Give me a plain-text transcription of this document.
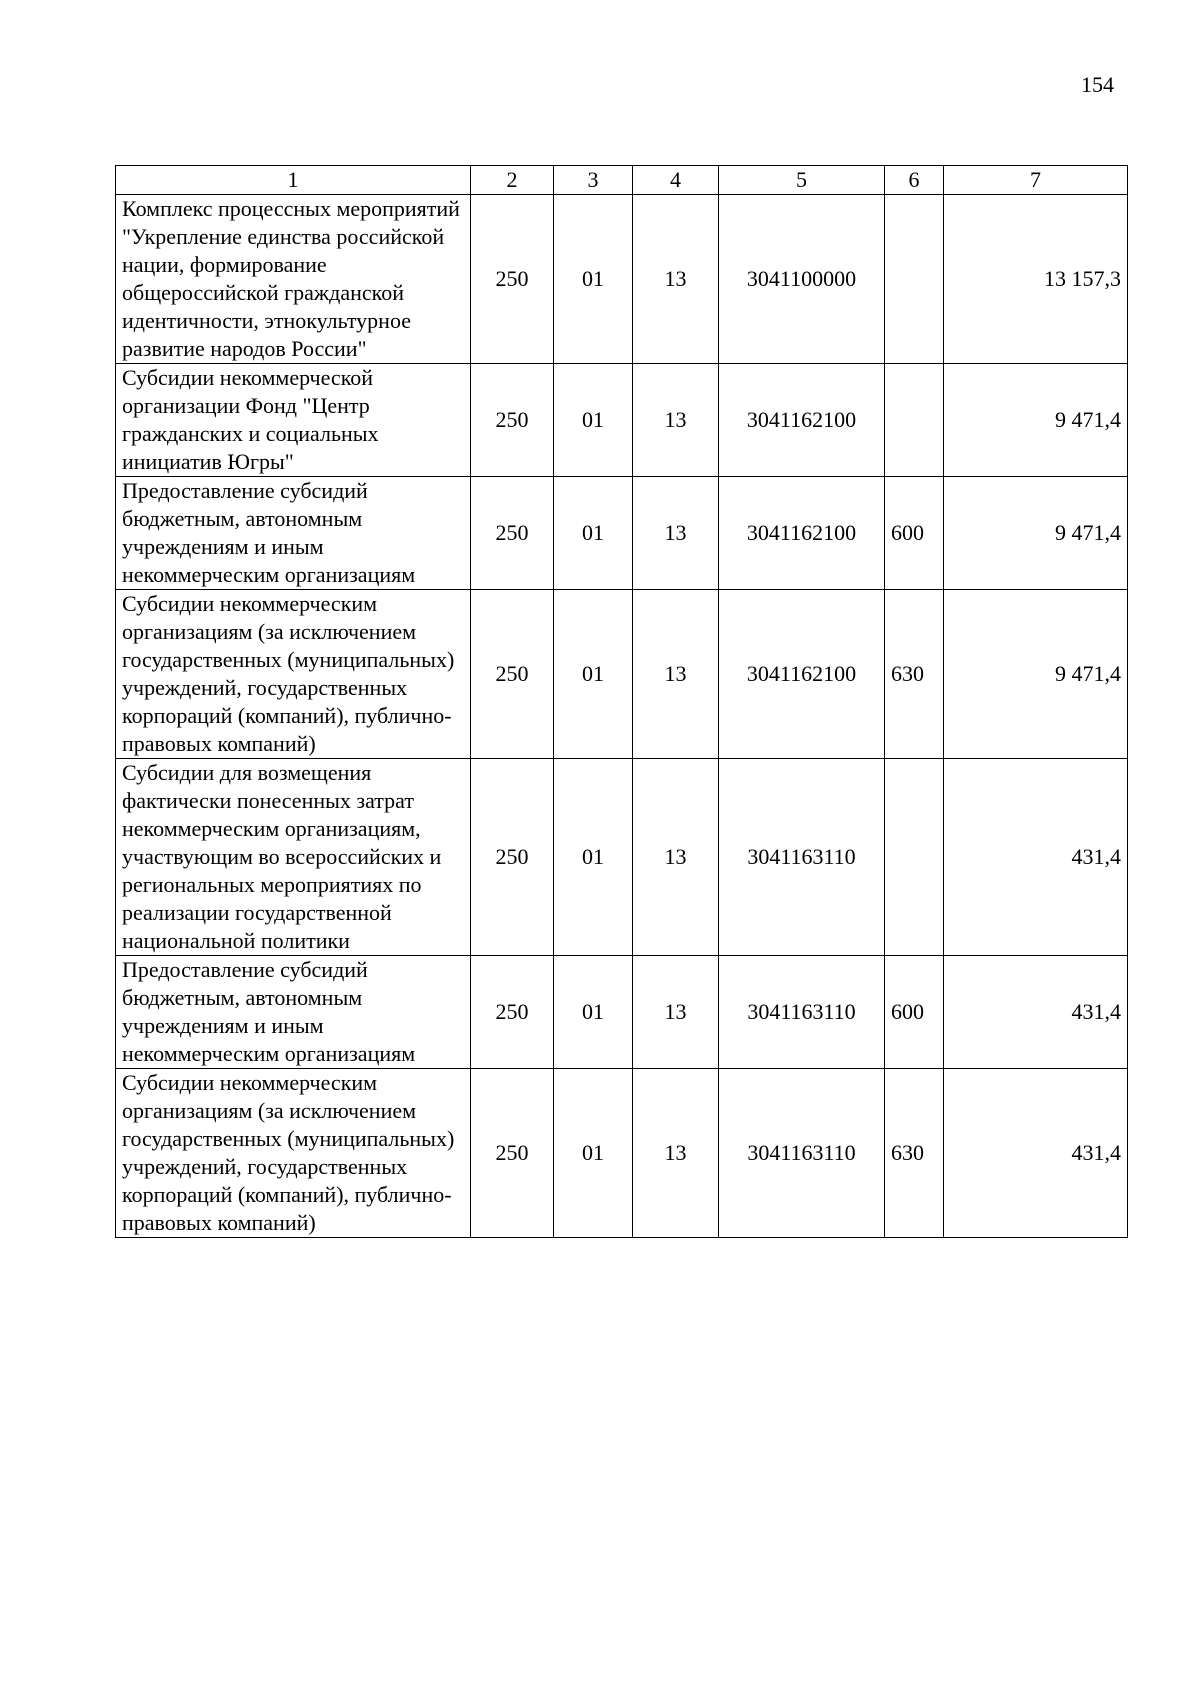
154
1	2	3	4	5	6	7
Комплекс процессных мероприятий "Укрепление единства российской нации, формирование общероссийской гражданской идентичности, этнокультурное развитие народов России"	250	01	13	3041100000		13 157,3
Субсидии некоммерческой организации Фонд "Центр гражданских и социальных инициатив Югры"	250	01	13	3041162100		9 471,4
Предоставление субсидий бюджетным, автономным учреждениям и иным некоммерческим организациям	250	01	13	3041162100	600	9 471,4
Субсидии некоммерческим организациям (за исключением государственных (муниципальных) учреждений, государственных корпораций (компаний), публично-правовых компаний)	250	01	13	3041162100	630	9 471,4
Субсидии для возмещения фактически понесенных затрат некоммерческим организациям, участвующим во всероссийских и региональных мероприятиях по реализации государственной национальной политики	250	01	13	3041163110		431,4
Предоставление субсидий бюджетным, автономным учреждениям и иным некоммерческим организациям	250	01	13	3041163110	600	431,4
Субсидии некоммерческим организациям (за исключением государственных (муниципальных) учреждений, государственных корпораций (компаний), публично-правовых компаний)	250	01	13	3041163110	630	431,4
